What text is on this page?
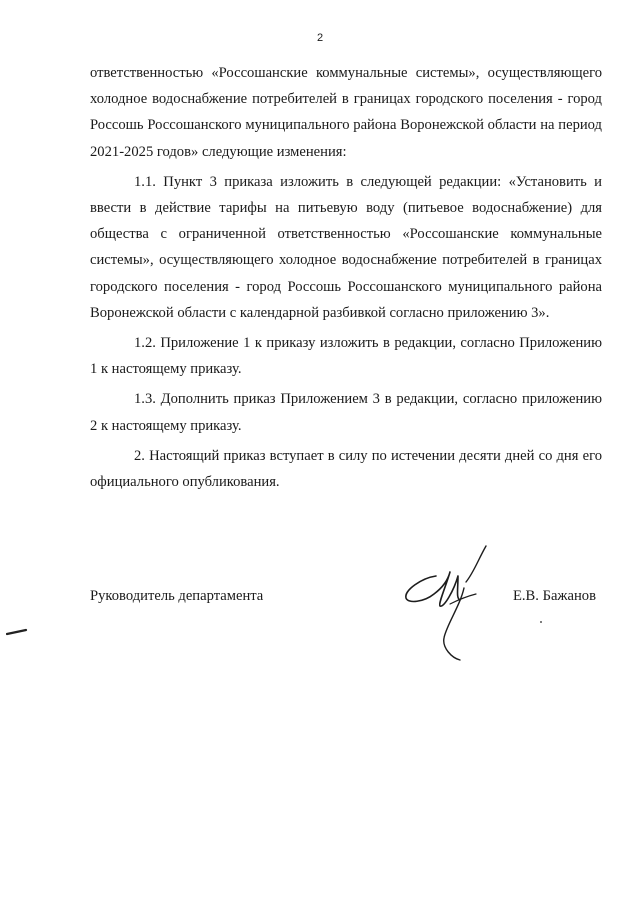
2

ответственностью «Россошанские коммунальные системы», осуществляющего холодное водоснабжение потребителей в границах городского поселения - город Россошь Россошанского муниципального района Воронежской области на период 2021-2025 годов» следующие изменения:

1.1. Пункт 3 приказа изложить в следующей редакции: «Установить и ввести в действие тарифы на питьевую воду (питьевое водоснабжение) для общества с ограниченной ответственностью «Россошанские коммунальные системы», осуществляющего холодное водоснабжение потребителей в границах городского поселения - город Россошь Россошанского муниципального района Воронежской области с календарной разбивкой согласно приложению 3».

1.2. Приложение 1 к приказу изложить в редакции, согласно Приложению 1 к настоящему приказу.

1.3. Дополнить приказ Приложением 3 в редакции, согласно приложению 2 к настоящему приказу.

2. Настоящий приказ вступает в силу по истечении десяти дней со дня его официального опубликования.

Руководитель департамента	Е.В. Бажанов
